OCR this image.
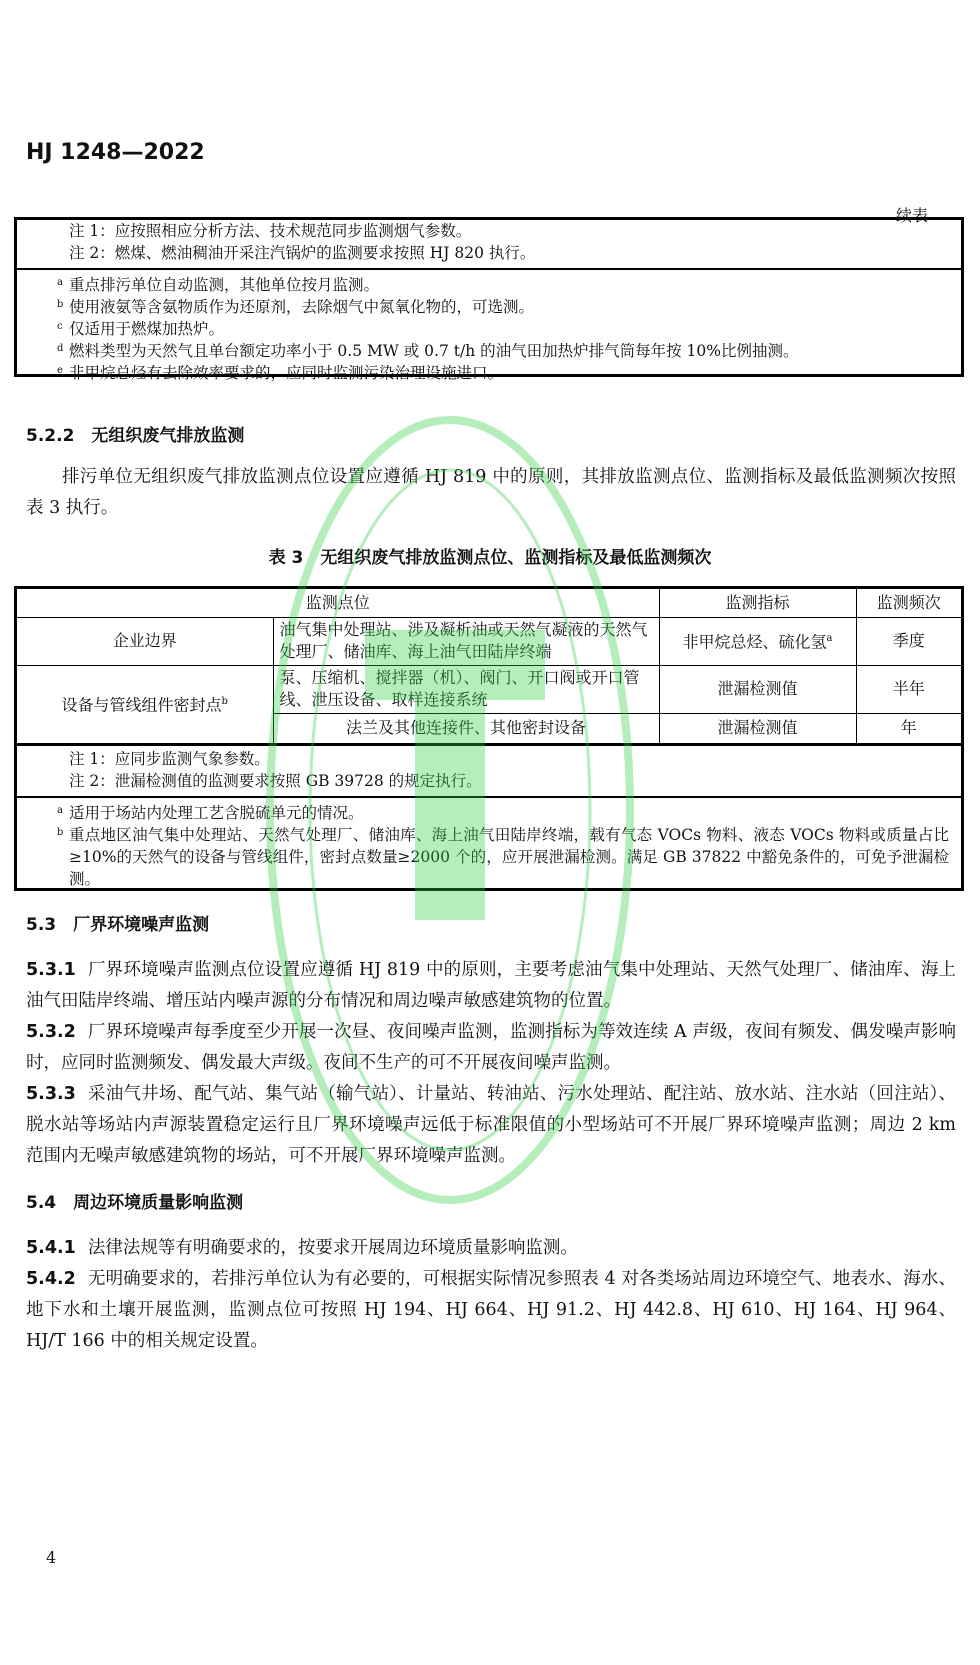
HJ 1248—2022
续表
注 1：应按照相应分析方法、技术规范同步监测烟气参数。
注 2：燃煤、燃油稠油开采注汽锅炉的监测要求按照 HJ 820 执行。
a 重点排污单位自动监测，其他单位按月监测。
b 使用液氨等含氨物质作为还原剂，去除烟气中氮氧化物的，可选测。
c 仅适用于燃煤加热炉。
d 燃料类型为天然气且单台额定功率小于 0.5 MW 或 0.7 t/h 的油气田加热炉排气筒每年按 10%比例抽测。
e 非甲烷总烃有去除效率要求的，应同时监测污染治理设施进口。
5.2.2　无组织废气排放监测
排污单位无组织废气排放监测点位设置应遵循 HJ 819 中的原则，其排放监测点位、监测指标及最低监测频次按照表 3 执行。
表 3　无组织废气排放监测点位、监测指标及最低监测频次
监测点位		监测指标	监测频次
企业边界	油气集中处理站、涉及凝析油或天然气凝液的天然气处理厂、储油库、海上油气田陆岸终端	非甲烷总烃、硫化氢$^a$	季度
设备与管线组件密封点$^b$	泵、压缩机、搅拌器（机）、阀门、开口阀或开口管线、泄压设备、取样连接系统	泄漏检测值	半年
	法兰及其他连接件、其他密封设备	泄漏检测值	年
注 1：应同步监测气象参数。
注 2：泄漏检测值的监测要求按照 GB 39728 的规定执行。
a 适用于场站内处理工艺含脱硫单元的情况。
b 重点地区油气集中处理站、天然气处理厂、储油库、海上油气田陆岸终端，载有气态 VOCs 物料、液态 VOCs 物料或质量占比≥10%的天然气的设备与管线组件，密封点数量≥2000 个的，应开展泄漏检测。满足 GB 37822 中豁免条件的，可免予泄漏检测。
5.3　厂界环境噪声监测
5.3.1 厂界环境噪声监测点位设置应遵循 HJ 819 中的原则，主要考虑油气集中处理站、天然气处理厂、储油库、海上油气田陆岸终端、增压站内噪声源的分布情况和周边噪声敏感建筑物的位置。
5.3.2 厂界环境噪声每季度至少开展一次昼、夜间噪声监测，监测指标为等效连续 A 声级，夜间有频发、偶发噪声影响时，应同时监测频发、偶发最大声级。夜间不生产的可不开展夜间噪声监测。
5.3.3 采油气井场、配气站、集气站（输气站）、计量站、转油站、污水处理站、配注站、放水站、注水站（回注站）、脱水站等场站内声源装置稳定运行且厂界环境噪声远低于标准限值的小型场站可不开展厂界环境噪声监测；周边 2 km 范围内无噪声敏感建筑物的场站，可不开展厂界环境噪声监测。
5.4　周边环境质量影响监测
5.4.1 法律法规等有明确要求的，按要求开展周边环境质量影响监测。
5.4.2 无明确要求的，若排污单位认为有必要的，可根据实际情况参照表 4 对各类场站周边环境空气、地表水、海水、地下水和土壤开展监测，监测点位可按照 HJ 194、HJ 664、HJ 91.2、HJ 442.8、HJ 610、HJ 164、HJ 964、HJ/T 166 中的相关规定设置。
4
